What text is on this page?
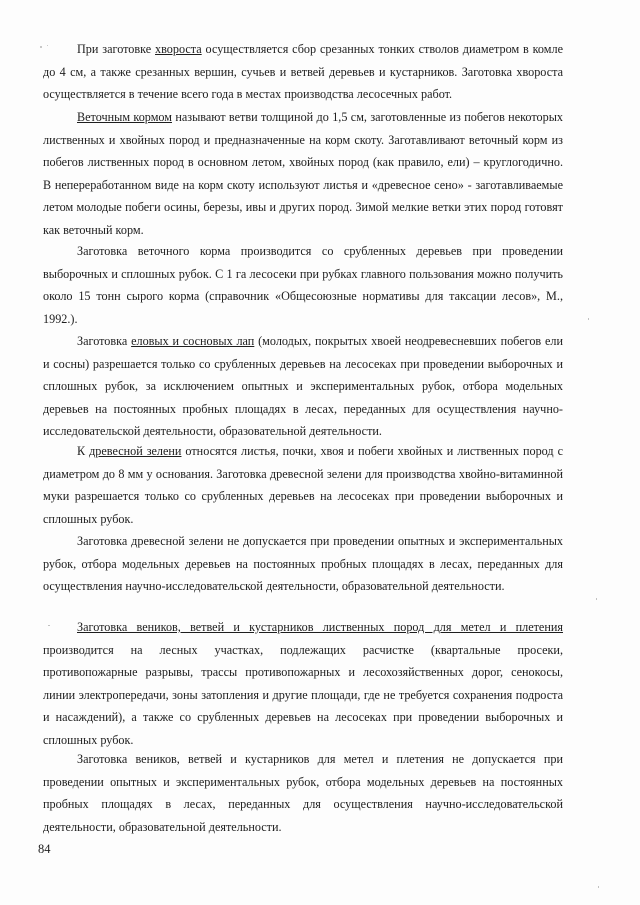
При заготовке хвороста осуществляется сбор срезанных тонких стволов диаметром в комле до 4 см, а также срезанных вершин, сучьев и ветвей деревьев и кустарников. Заготовка хвороста осуществляется в течение всего года в местах производства лесосечных работ.

Веточным кормом называют ветви толщиной до 1,5 см, заготовленные из побегов некоторых лиственных и хвойных пород и предназначенные на корм скоту. Заготавливают веточный корм из побегов лиственных пород в основном летом, хвойных пород (как правило, ели) – круглогодично. В непереработанном виде на корм скоту используют листья и «древесное сено» - заготавливаемые летом молодые побеги осины, березы, ивы и других пород. Зимой мелкие ветки этих пород готовят как веточный корм.

Заготовка веточного корма производится со срубленных деревьев при проведении выборочных и сплошных рубок. С 1 га лесосеки при рубках главного пользования можно получить около 15 тонн сырого корма (справочник «Общесоюзные нормативы для таксации лесов», М., 1992.).

Заготовка еловых и сосновых лап (молодых, покрытых хвоей неодревесневших побегов ели и сосны) разрешается только со срубленных деревьев на лесосеках при проведении выборочных и сплошных рубок, за исключением опытных и экспериментальных рубок, отбора модельных деревьев на постоянных пробных площадях в лесах, переданных для осуществления научно-исследовательской деятельности, образовательной деятельности.

К древесной зелени относятся листья, почки, хвоя и побеги хвойных и лиственных пород с диаметром до 8 мм у основания. Заготовка древесной зелени для производства хвойно-витаминной муки разрешается только со срубленных деревьев на лесосеках при проведении выборочных и сплошных рубок.

Заготовка древесной зелени не допускается при проведении опытных и экспериментальных рубок, отбора модельных деревьев на постоянных пробных площадях в лесах, переданных для осуществления научно-исследовательской деятельности, образовательной деятельности.

Заготовка веников, ветвей и кустарников лиственных пород для метел и плетения производится на лесных участках, подлежащих расчистке (квартальные просеки, противопожарные разрывы, трассы противопожарных и лесохозяйственных дорог, сенокосы, линии электропередачи, зоны затопления и другие площади, где не требуется сохранения подроста и насаждений), а также со срубленных деревьев на лесосеках при проведении выборочных и сплошных рубок.

Заготовка веников, ветвей и кустарников для метел и плетения не допускается при проведении опытных и экспериментальных рубок, отбора модельных деревьев на постоянных пробных площадях в лесах, переданных для осуществления научно-исследовательской деятельности, образовательной деятельности.

84
